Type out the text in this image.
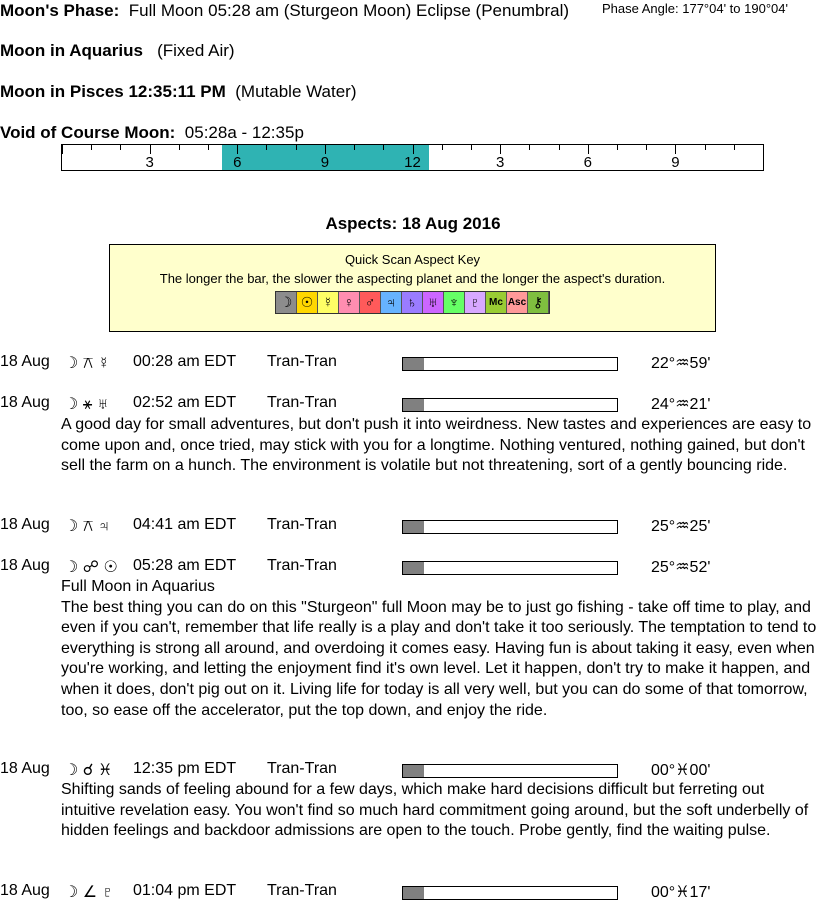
Moon's Phase: Full Moon 05:28 am (Sturgeon Moon) Eclipse (Penumbral)	Phase Angle: 177°04' to 190°04'
Moon in Aquarius (Fixed Air)
Moon in Pisces 12:35:11 PM (Mutable Water)
Void of Course Moon: 05:28a - 12:35p
3	6	9	12	3	6	9
Aspects: 18 Aug 2016
Quick Scan Aspect Key
The longer the bar, the slower the aspecting planet and the longer the aspect's duration.
☽ ☉ ☿ ♀ ♂ ♃ ♄ ♅ ♆ ♇ Mc Asc ⚷
18 Aug ☽ ⚻ ☿ 00:28 am EDT Tran-Tran	22°♒59'
18 Aug ☽ ⚹ ♅ 02:52 am EDT Tran-Tran	24°♒21'
A good day for small adventures, but don't push it into weirdness. New tastes and experiences are easy to come upon and, once tried, may stick with you for a longtime. Nothing ventured, nothing gained, but don't sell the farm on a hunch. The environment is volatile but not threatening, sort of a gently bouncing ride.
18 Aug ☽ ⚻ ♃ 04:41 am EDT Tran-Tran	25°♒25'
18 Aug ☽ ☍ ☉ 05:28 am EDT Tran-Tran	25°♒52'
Full Moon in Aquarius
The best thing you can do on this "Sturgeon" full Moon may be to just go fishing - take off time to play, and even if you can't, remember that life really is a play and don't take it too seriously. The temptation to tend to everything is strong all around, and overdoing it comes easy. Having fun is about taking it easy, even when you're working, and letting the enjoyment find it's own level. Let it happen, don't try to make it happen, and when it does, don't pig out on it. Living life for today is all very well, but you can do some of that tomorrow, too, so ease off the accelerator, put the top down, and enjoy the ride.
18 Aug ☽ ☌ ♓ 12:35 pm EDT Tran-Tran	00°♓00'
Shifting sands of feeling abound for a few days, which make hard decisions difficult but ferreting out intuitive revelation easy. You won't find so much hard commitment going around, but the soft underbelly of hidden feelings and backdoor admissions are open to the touch. Probe gently, find the waiting pulse.
18 Aug ☽ ∠ ♇ 01:04 pm EDT Tran-Tran	00°♓17'
